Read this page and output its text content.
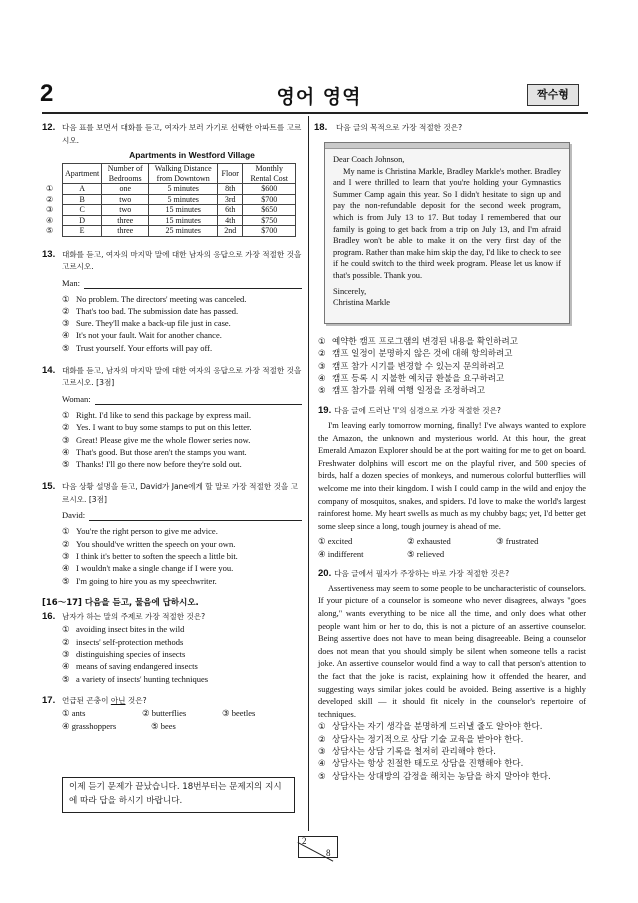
2	영어 영역	짝수형
12. 다음 표를 보면서 대화를 듣고, 여자가 보러 가기로 선택한 아파트를 고르시오.
Apartments in Westford Village
	Apartment	Number of Bedrooms	Walking Distance from Downtown	Floor	Monthly Rental Cost
①	A	one	5 minutes	8th	$600
②	B	two	5 minutes	3rd	$700
③	C	two	15 minutes	6th	$650
④	D	three	15 minutes	4th	$750
⑤	E	three	25 minutes	2nd	$700
13. 대화를 듣고, 여자의 마지막 말에 대한 남자의 응답으로 가장 적절한 것을 고르시오.
Man:
① No problem. The directors' meeting was canceled.
② That's too bad. The submission date has passed.
③ Sure. They'll make a back-up file just in case.
④ It's not your fault. Wait for another chance.
⑤ Trust yourself. Your efforts will pay off.
14. 대화를 듣고, 남자의 마지막 말에 대한 여자의 응답으로 가장 적절한 것을 고르시오. [3점]
Woman:
① Right. I'd like to send this package by express mail.
② Yes. I want to buy some stamps to put on this letter.
③ Great! Please give me the whole flower series now.
④ That's good. But those aren't the stamps you want.
⑤ Thanks! I'll go there now before they're sold out.
15. 다음 상황 설명을 듣고, David가 Jane에게 할 말로 가장 적절한 것을 고르시오. [3점]
David:
① You're the right person to give me advice.
② You should've written the speech on your own.
③ I think it's better to soften the speech a little bit.
④ I wouldn't make a single change if I were you.
⑤ I'm going to hire you as my speechwriter.
[16～17] 다음을 듣고, 물음에 답하시오.
16. 남자가 하는 말의 주제로 가장 적절한 것은?
① avoiding insect bites in the wild
② insects' self-protection methods
③ distinguishing species of insects
④ means of saving endangered insects
⑤ a variety of insects' hunting techniques
17. 언급된 곤충이 아닌 것은?
① ants	② butterflies	③ beetles
④ grasshoppers	⑤ bees
이제 듣기 문제가 끝났습니다. 18번부터는 문제지의 지시에 따라 답을 하시기 바랍니다.
18.	다음 글의 목적으로 가장 적절한 것은?
Dear Coach Johnson,
My name is Christina Markle, Bradley Markle's mother. Bradley and I were thrilled to learn that you're holding your Gymnastics Summer Camp again this year. So I didn't hesitate to sign up and pay the non-refundable deposit for the second week program, which is from July 13 to 17. But today I remembered that our family is going to get back from a trip on July 13, and I'm afraid Bradley won't be able to make it on the very first day of the program. Rather than make him skip the day, I'd like to check to see if he could switch to the third week program. Please let us know if that's possible. Thank you.
Sincerely,
Christina Markle
① 예약한 캠프 프로그램의 변경된 내용을 확인하려고
② 캠프 일정이 분명하지 않은 것에 대해 항의하려고
③ 캠프 참가 시기를 변경할 수 있는지 문의하려고
④ 캠프 등록 시 지불한 예치금 환불을 요구하려고
⑤ 캠프 참가를 위해 여행 일정을 조정하려고
19. 다음 글에 드러난 'I'의 심경으로 가장 적절한 것은?
I'm leaving early tomorrow morning, finally! I've always wanted to explore the Amazon, the unknown and mysterious world. At this hour, the great Emerald Amazon Explorer should be at the port waiting for me to get on board. Freshwater dolphins will escort me on the playful river, and 500 species of birds, half a dozen species of monkeys, and numerous colorful butterflies will welcome me into their kingdom. I wish I could camp in the wild and enjoy the company of mosquitos, snakes, and spiders. I'd love to make the world's largest rainforest home. My heart swells as much as my chubby bags; yet, I'd better get some sleep since a long, tough journey is ahead of me.
① excited	② exhausted	③ frustrated
④ indifferent	⑤ relieved
20. 다음 글에서 필자가 주장하는 바로 가장 적절한 것은?
Assertiveness may seem to some people to be uncharacteristic of counselors. If your picture of a counselor is someone who never disagrees, always "goes along," wants everything to be nice all the time, and only does what other people want him or her to do, this is not a picture of an assertive counselor. Being assertive does not have to mean being disagreeable. Being a counselor does not mean that you should simply be silent when someone tells a racist joke. An assertive counselor would find a way to call that person's attention to the fact that the joke is racist, explaining how it offended the hearer, and suggesting ways similar jokes could be avoided. Being assertive is a highly developed skill — it should fit nicely in the counselor's repertoire of techniques.
① 상담사는 자기 생각을 분명하게 드러낼 줄도 알아야 한다.
② 상담사는 정기적으로 상담 기술 교육을 받아야 한다.
③ 상담사는 상담 기록을 철저히 관리해야 한다.
④ 상담사는 항상 친절한 태도로 상담을 진행해야 한다.
⑤ 상담사는 상대방의 감정을 해치는 농담을 하지 말아야 한다.
2
8
